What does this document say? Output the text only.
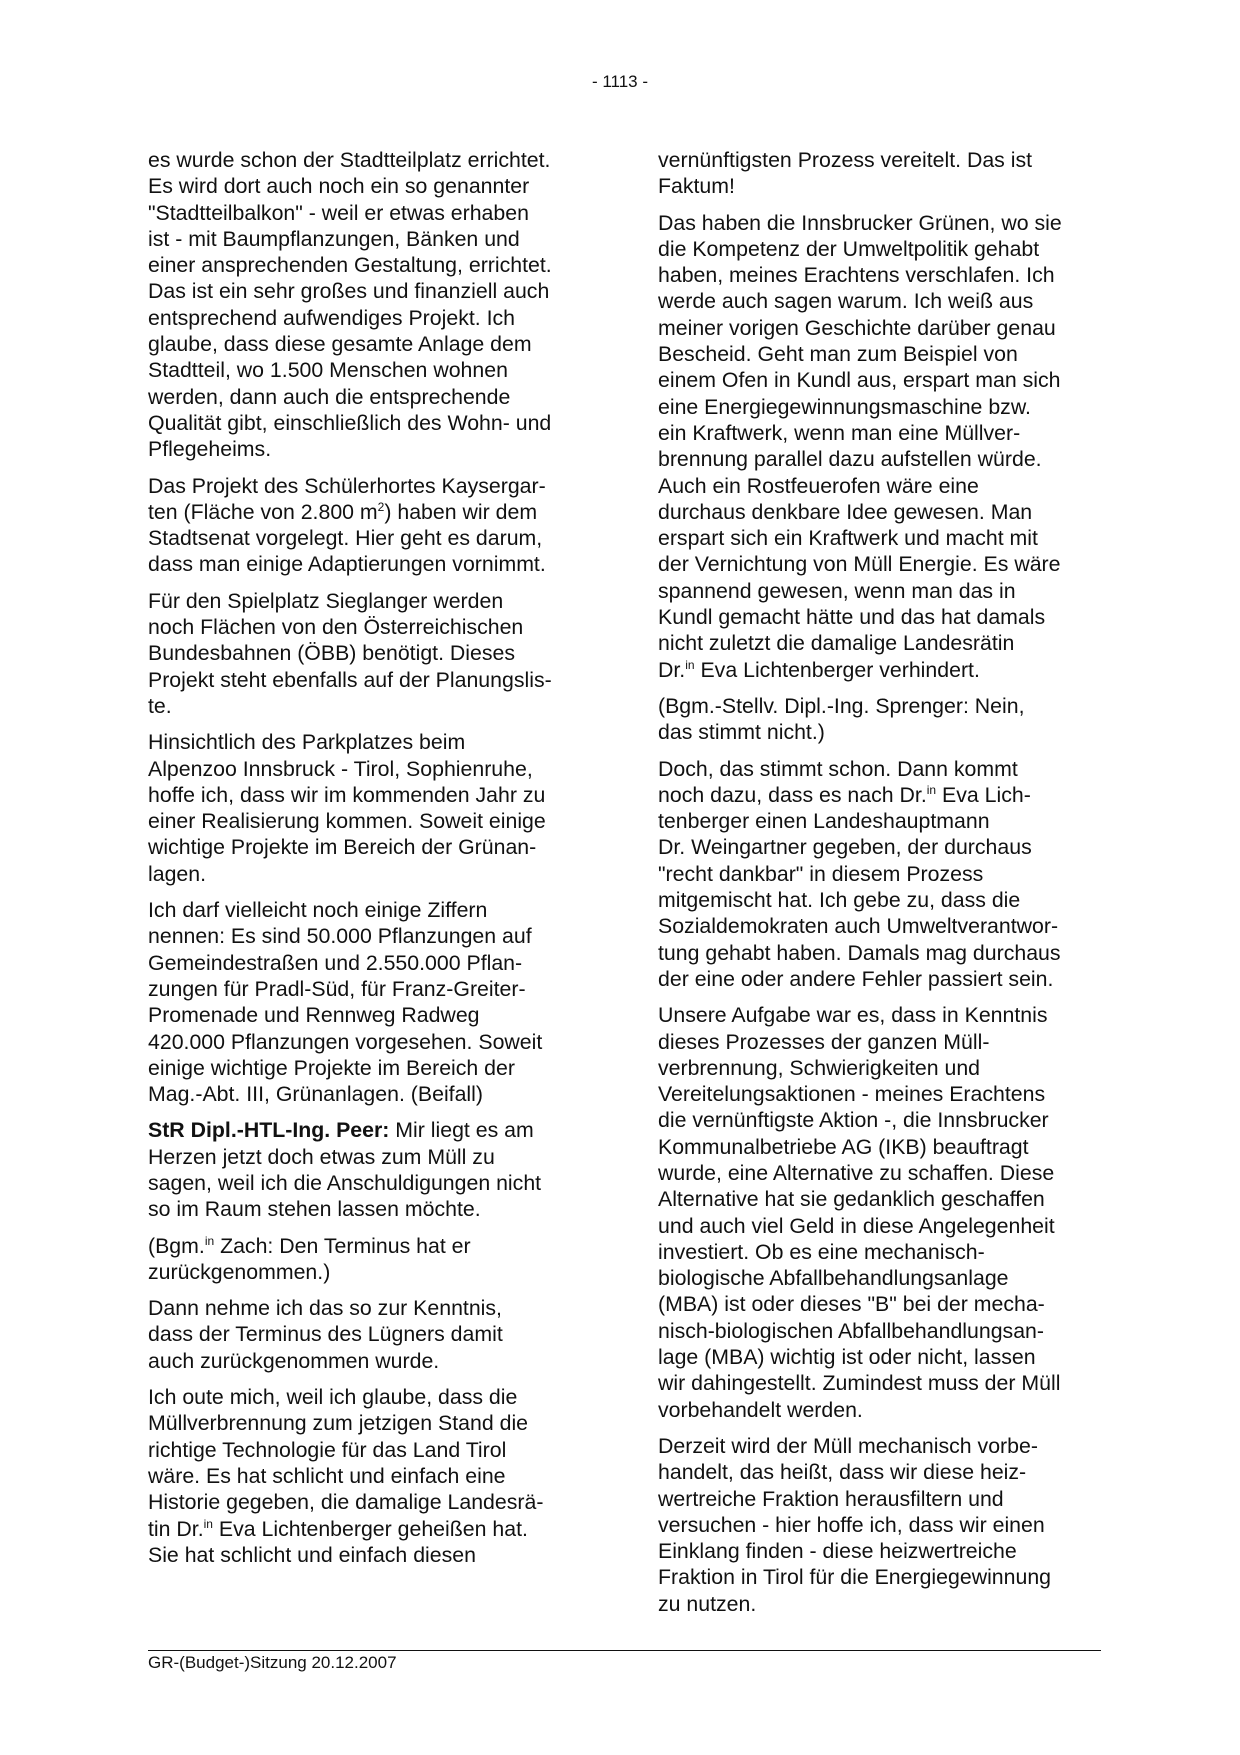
- 1113 -

es wurde schon der Stadtteilplatz errichtet.
Es wird dort auch noch ein so genannter
"Stadtteilbalkon" - weil er etwas erhaben
ist - mit Baumpflanzungen, Bänken und
einer ansprechenden Gestaltung, errichtet.
Das ist ein sehr großes und finanziell auch
entsprechend aufwendiges Projekt. Ich
glaube, dass diese gesamte Anlage dem
Stadtteil, wo 1.500 Menschen wohnen
werden, dann auch die entsprechende
Qualität gibt, einschließlich des Wohn- und
Pflegeheims.

Das Projekt des Schülerhortes Kaysergar-
ten (Fläche von 2.800 $m^2$) haben wir dem
Stadtsenat vorgelegt. Hier geht es darum,
dass man einige Adaptierungen vornimmt.

Für den Spielplatz Sieglanger werden
noch Flächen von den Österreichischen
Bundesbahnen (ÖBB) benötigt. Dieses
Projekt steht ebenfalls auf der Planungslis-
te.

Hinsichtlich des Parkplatzes beim
Alpenzoo Innsbruck - Tirol, Sophienruhe,
hoffe ich, dass wir im kommenden Jahr zu
einer Realisierung kommen. Soweit einige
wichtige Projekte im Bereich der Grünan-
lagen.

Ich darf vielleicht noch einige Ziffern
nennen: Es sind 50.000 Pflanzungen auf
Gemeindestraßen und 2.550.000 Pflan-
zungen für Pradl-Süd, für Franz-Greiter-
Promenade und Rennweg Radweg
420.000 Pflanzungen vorgesehen. Soweit
einige wichtige Projekte im Bereich der
Mag.-Abt. III, Grünanlagen. (Beifall)

StR Dipl.-HTL-Ing. Peer: Mir liegt es am
Herzen jetzt doch etwas zum Müll zu
sagen, weil ich die Anschuldigungen nicht
so im Raum stehen lassen möchte.

(Bgm.$^{in}$ Zach: Den Terminus hat er
zurückgenommen.)

Dann nehme ich das so zur Kenntnis,
dass der Terminus des Lügners damit
auch zurückgenommen wurde.

Ich oute mich, weil ich glaube, dass die
Müllverbrennung zum jetzigen Stand die
richtige Technologie für das Land Tirol
wäre. Es hat schlicht und einfach eine
Historie gegeben, die damalige Landesrä-
tin Dr.$^{in}$ Eva Lichtenberger geheißen hat.
Sie hat schlicht und einfach diesen

vernünftigsten Prozess vereitelt. Das ist
Faktum!

Das haben die Innsbrucker Grünen, wo sie
die Kompetenz der Umweltpolitik gehabt
haben, meines Erachtens verschlafen. Ich
werde auch sagen warum. Ich weiß aus
meiner vorigen Geschichte darüber genau
Bescheid. Geht man zum Beispiel von
einem Ofen in Kundl aus, erspart man sich
eine Energiegewinnungsmaschine bzw.
ein Kraftwerk, wenn man eine Müllver-
brennung parallel dazu aufstellen würde.
Auch ein Rostfeuerofen wäre eine
durchaus denkbare Idee gewesen. Man
erspart sich ein Kraftwerk und macht mit
der Vernichtung von Müll Energie. Es wäre
spannend gewesen, wenn man das in
Kundl gemacht hätte und das hat damals
nicht zuletzt die damalige Landesrätin
Dr.$^{in}$ Eva Lichtenberger verhindert.

(Bgm.-Stellv. Dipl.-Ing. Sprenger: Nein,
das stimmt nicht.)

Doch, das stimmt schon. Dann kommt
noch dazu, dass es nach Dr.$^{in}$ Eva Lich-
tenberger einen Landeshauptmann
Dr. Weingartner gegeben, der durchaus
"recht dankbar" in diesem Prozess
mitgemischt hat. Ich gebe zu, dass die
Sozialdemokraten auch Umweltverantwor-
tung gehabt haben. Damals mag durchaus
der eine oder andere Fehler passiert sein.

Unsere Aufgabe war es, dass in Kenntnis
dieses Prozesses der ganzen Müll-
verbrennung, Schwierigkeiten und
Vereitelungsaktionen - meines Erachtens
die vernünftigste Aktion -, die Innsbrucker
Kommunalbetriebe AG (IKB) beauftragt
wurde, eine Alternative zu schaffen. Diese
Alternative hat sie gedanklich geschaffen
und auch viel Geld in diese Angelegenheit
investiert. Ob es eine mechanisch-
biologische Abfallbehandlungsanlage
(MBA) ist oder dieses "B" bei der mecha-
nisch-biologischen Abfallbehandlungsan-
lage (MBA) wichtig ist oder nicht, lassen
wir dahingestellt. Zumindest muss der Müll
vorbehandelt werden.

Derzeit wird der Müll mechanisch vorbe-
handelt, das heißt, dass wir diese heiz-
wertreiche Fraktion herausfiltern und
versuchen - hier hoffe ich, dass wir einen
Einklang finden - diese heizwertreiche
Fraktion in Tirol für die Energiegewinnung
zu nutzen.

GR-(Budget-)Sitzung 20.12.2007
